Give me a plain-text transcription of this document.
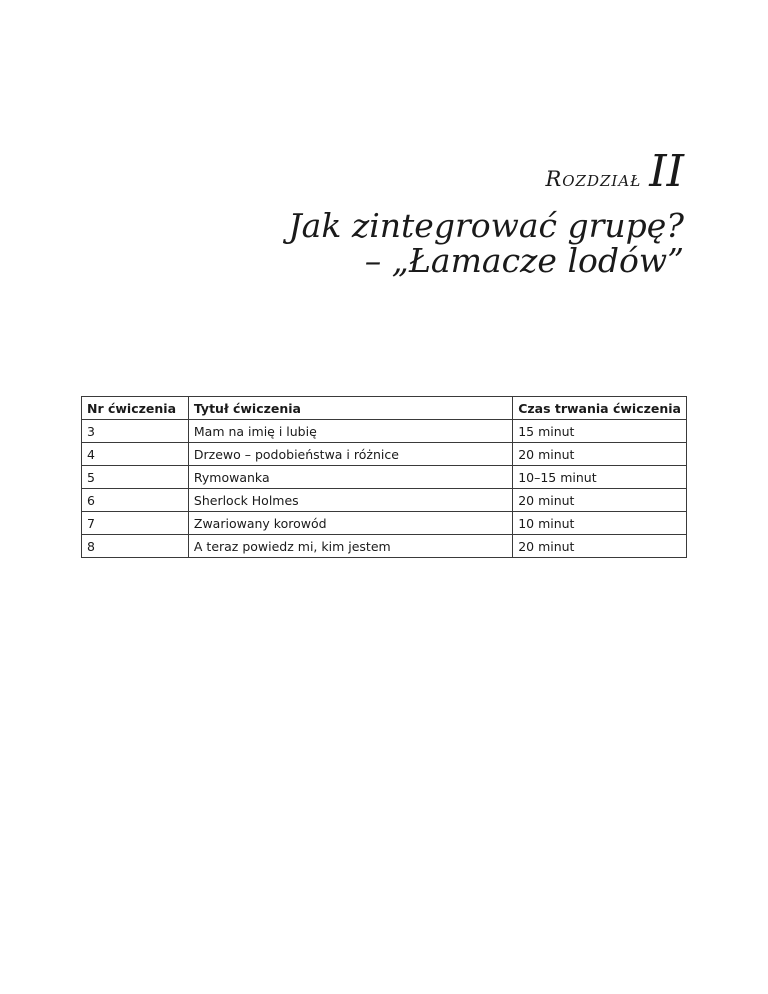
Rozdział II
Jak zintegrować grupę?
– „Łamacze lodów”
Nr ćwiczenia	Tytuł ćwiczenia	Czas trwania ćwiczenia
3	Mam na imię i lubię	15 minut
4	Drzewo – podobieństwa i różnice	20 minut
5	Rymowanka	10–15 minut
6	Sherlock Holmes	20 minut
7	Zwariowany korowód	10 minut
8	A teraz powiedz mi, kim jestem	20 minut
